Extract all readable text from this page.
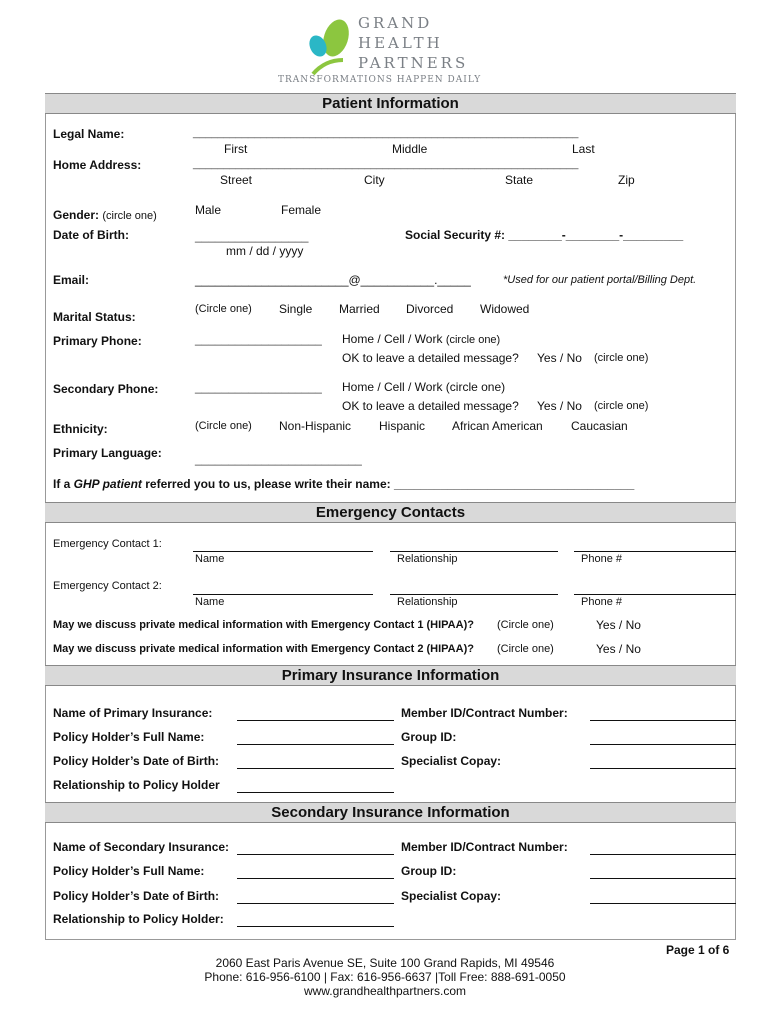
GRAND
HEALTH
PARTNERS
TRANSFORMATIONS HAPPEN DAILY
Patient Information
Legal Name:	_______________________________________________________________
First	Middle	Last
Home Address:	_______________________________________________________________
Street	City	State	Zip
Gender: (circle one)	Male	Female
Date of Birth:	_________________
mm / dd / yyyy
Social Security #: ________-________-_________
Email:	_______________________@___________._____	*Used for our patient portal/Billing Dept.
Marital Status:
(Circle one) Single Married Divorced Widowed
Primary Phone:	___________________ Home / Cell / Work (circle one)
OK to leave a detailed message? Yes / No (circle one)
Secondary Phone:	___________________ Home / Cell / Work (circle one)
OK to leave a detailed message? Yes / No (circle one)
Ethnicity:	(Circle one) Non-Hispanic Hispanic African American Caucasian
Primary Language:	_________________________
If a GHP patient referred you to us, please write their name: ____________________________________
Emergency Contacts
Emergency Contact 1:
Name	Relationship	Phone #
Emergency Contact 2:
Name	Relationship	Phone #
May we discuss private medical information with Emergency Contact 1 (HIPAA)? (Circle one)	Yes / No
May we discuss private medical information with Emergency Contact 2 (HIPAA)? (Circle one)	Yes / No
Primary Insurance Information
Name of Primary Insurance:	Member ID/Contract Number:
Policy Holder’s Full Name:	Group ID:
Policy Holder’s Date of Birth:	Specialist Copay:
Relationship to Policy Holder
Secondary Insurance Information
Name of Secondary Insurance:	Member ID/Contract Number:
Policy Holder’s Full Name:	Group ID:
Policy Holder’s Date of Birth:	Specialist Copay:
Relationship to Policy Holder:
Page 1 of 6
2060 East Paris Avenue SE, Suite 100 Grand Rapids, MI 49546
Phone: 616-956-6100 | Fax: 616-956-6637 |Toll Free: 888-691-0050
www.grandhealthpartners.com
